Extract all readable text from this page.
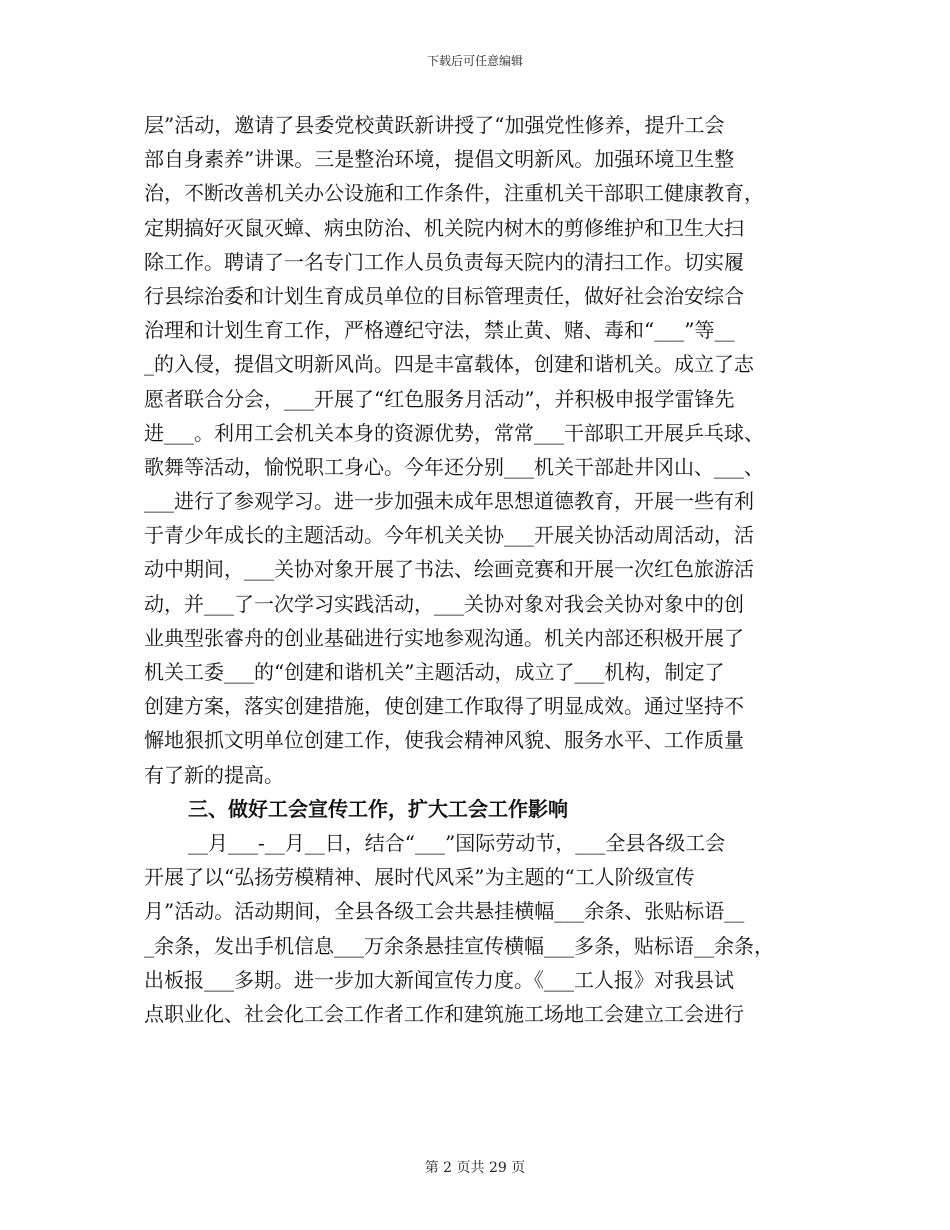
下载后可任意编辑
层”活动，邀请了县委党校黄跃新讲授了“加强党性修养，提升工会
部自身素养”讲课。三是整治环境，提倡文明新风。加强环境卫生整
治，不断改善机关办公设施和工作条件，注重机关干部职工健康教育，
定期搞好灭鼠灭蟑、病虫防治、机关院内树木的剪修维护和卫生大扫
除工作。聘请了一名专门工作人员负责每天院内的清扫工作。切实履
行县综治委和计划生育成员单位的目标管理责任，做好社会治安综合
治理和计划生育工作，严格遵纪守法，禁止黄、赌、毒和“___”等__
_的入侵，提倡文明新风尚。四是丰富载体，创建和谐机关。成立了志
愿者联合分会，___开展了“红色服务月活动”，并积极申报学雷锋先
进___。利用工会机关本身的资源优势，常常___干部职工开展乒乓球、
歌舞等活动，愉悦职工身心。今年还分别___机关干部赴井冈山、___、
___进行了参观学习。进一步加强未成年思想道德教育，开展一些有利
于青少年成长的主题活动。今年机关关协___开展关协活动周活动，活
动中期间，___关协对象开展了书法、绘画竞赛和开展一次红色旅游活
动，并___了一次学习实践活动，___关协对象对我会关协对象中的创
业典型张睿舟的创业基础进行实地参观沟通。机关内部还积极开展了
机关工委___的“创建和谐机关”主题活动，成立了___机构，制定了
创建方案，落实创建措施，使创建工作取得了明显成效。通过坚持不
懈地狠抓文明单位创建工作，使我会精神风貌、服务水平、工作质量
有了新的提高。
三、做好工会宣传工作，扩大工会工作影响
__月___-__月__日，结合“___”国际劳动节，___全县各级工会
开展了以“弘扬劳模精神、展时代风采”为主题的“工人阶级宣传
月”活动。活动期间，全县各级工会共悬挂横幅___余条、张贴标语__
_余条，发出手机信息___万余条悬挂宣传横幅___多条，贴标语__余条，
出板报___多期。进一步加大新闻宣传力度。《___工人报》对我县试
点职业化、社会化工会工作者工作和建筑施工场地工会建立工会进行
第 2 页共 29 页
